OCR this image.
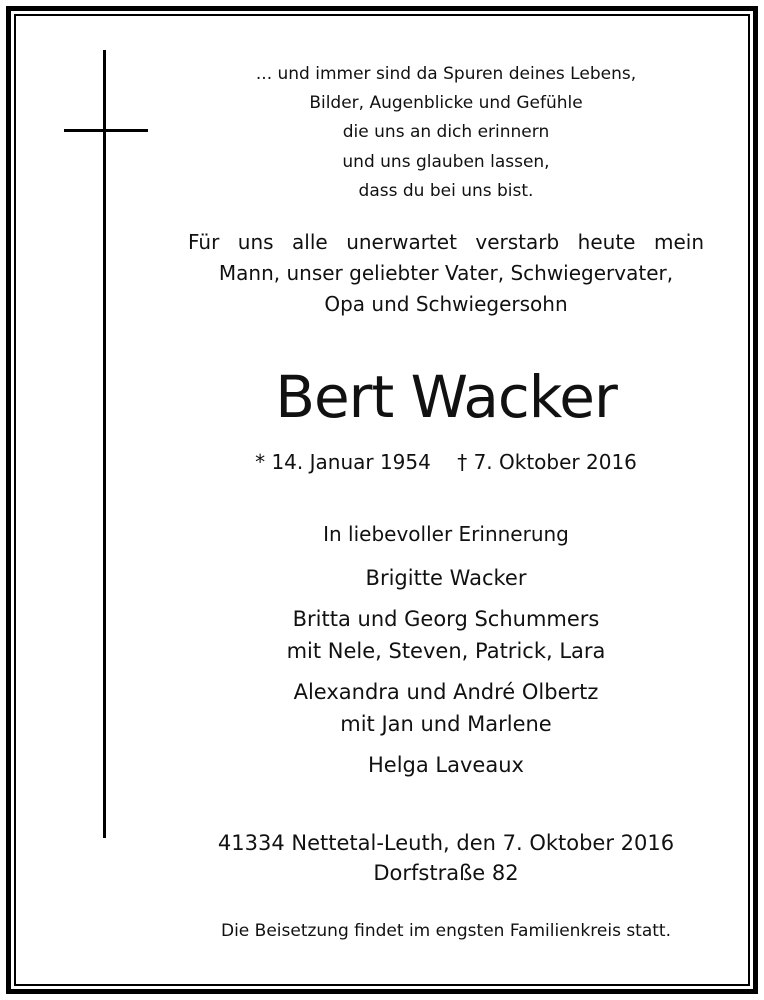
... und immer sind da Spuren deines Lebens,
Bilder, Augenblicke und Gefühle
die uns an dich erinnern
und uns glauben lassen,
dass du bei uns bist.
Für uns alle unerwartet verstarb heute mein
Mann, unser geliebter Vater, Schwiegervater,
Opa und Schwiegersohn
Bert Wacker
* 14. Januar 1954 † 7. Oktober 2016
In liebevoller Erinnerung
Brigitte Wacker
Britta und Georg Schummers
mit Nele, Steven, Patrick, Lara
Alexandra und André Olbertz
mit Jan und Marlene
Helga Laveaux
41334 Nettetal-Leuth, den 7. Oktober 2016
Dorfstraße 82
Die Beisetzung findet im engsten Familienkreis statt.
